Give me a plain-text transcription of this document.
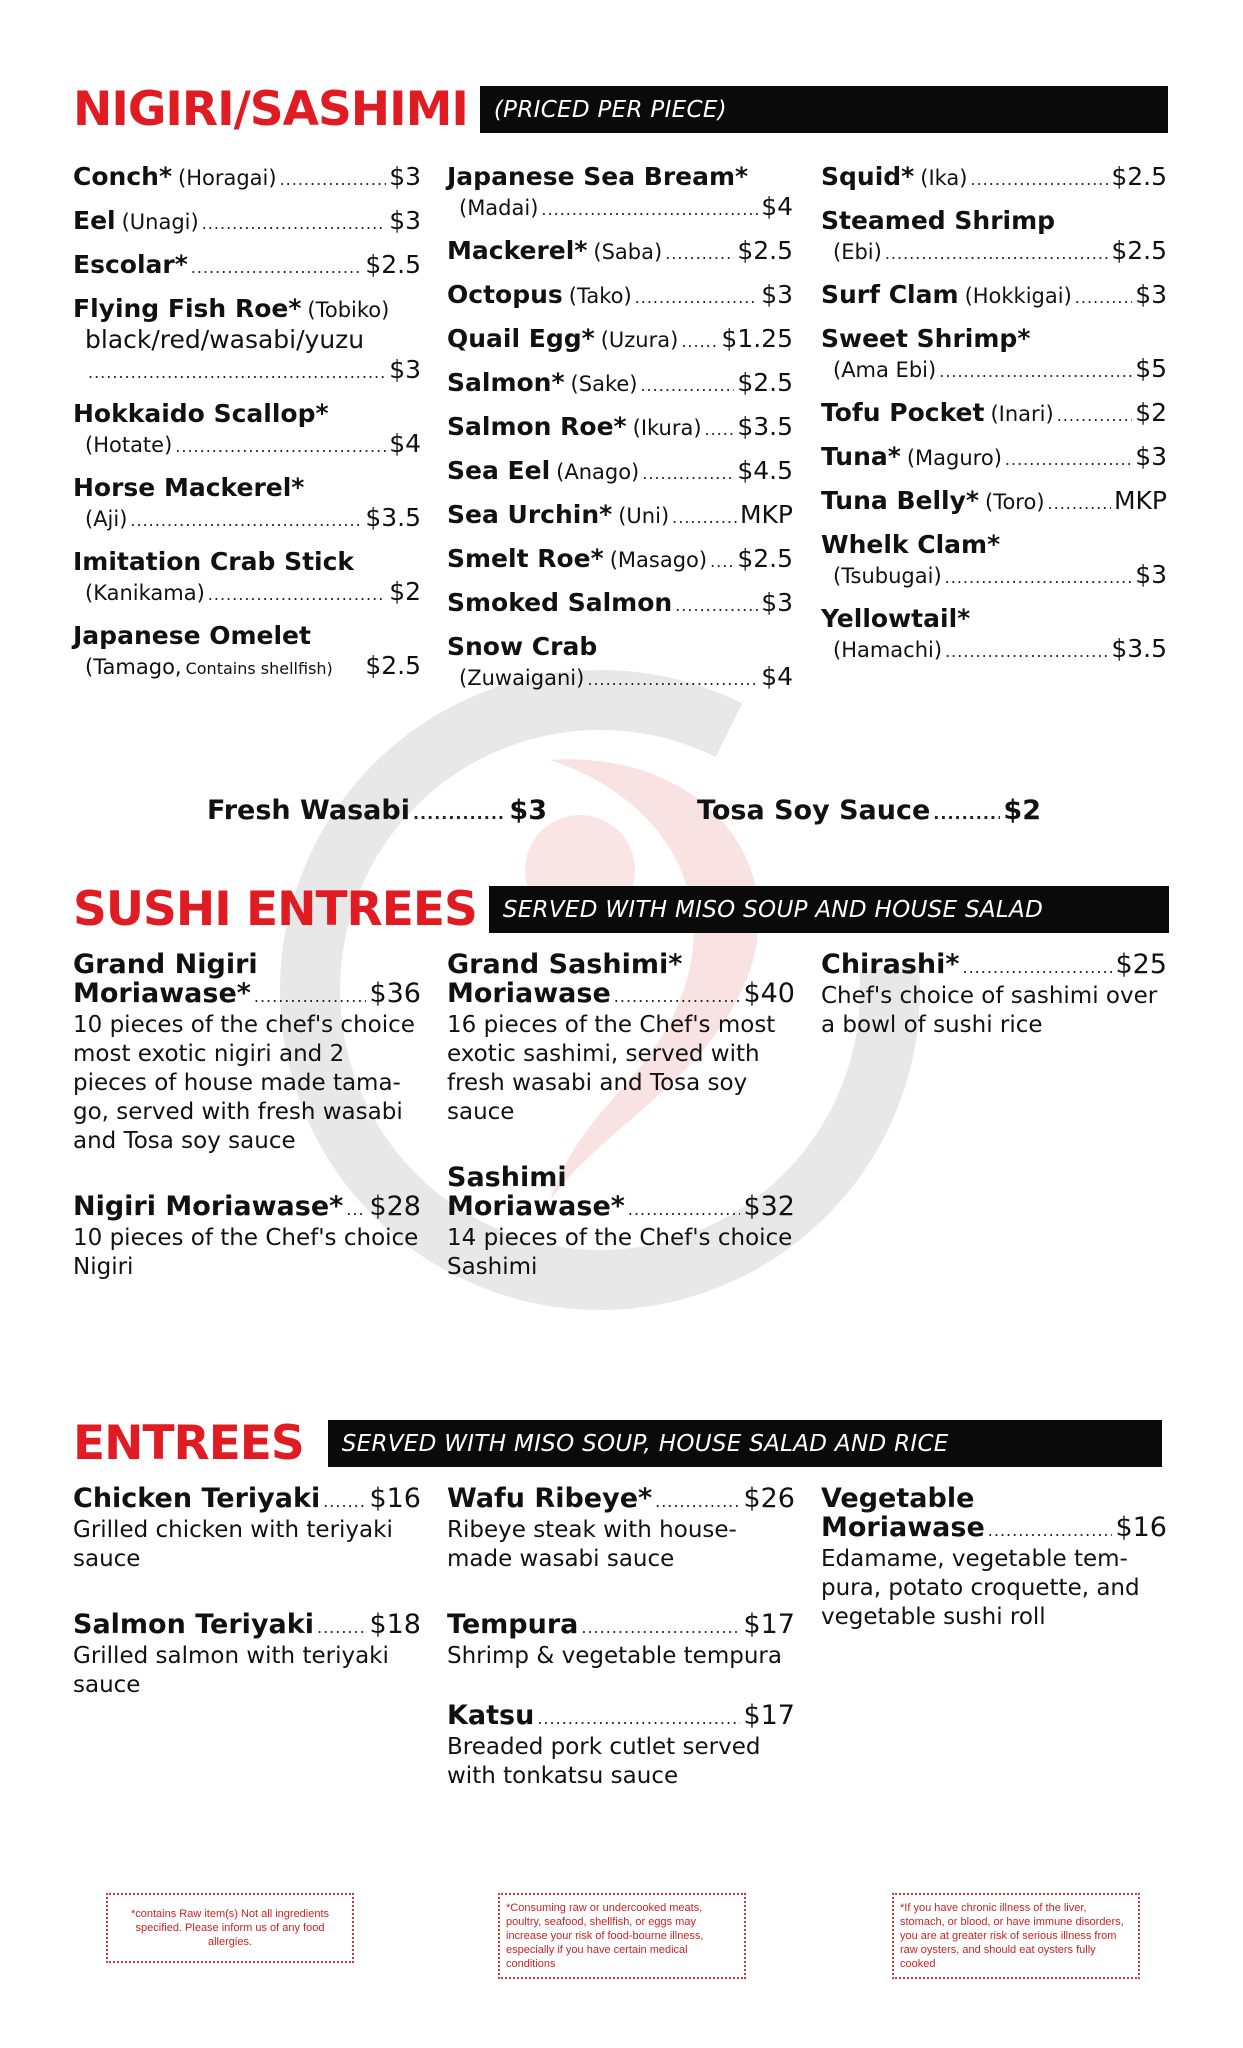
NIGIRI/SASHIMI	(PRICED PER PIECE)
Conch* (Horagai) .....	$3
Eel (Unagi) .....	$3
Escolar* .....	$2.5
Flying Fish Roe* (Tobiko)
black/red/wasabi/yuzu
.....
$3
Hokkaido Scallop*
(Hotate) .....	$4
Horse Mackerel*
(Aji) .....	$3.5
Imitation Crab Stick
(Kanikama) .....	$2
Japanese Omelet
(Tamago, Contains shellfish) $2.5
Japanese Sea Bream*
(Madai) .....	$4
Mackerel* (Saba) .....	$2.5
Octopus (Tako) .....	$3
Quail Egg* (Uzura) ..... $1.25
Salmon* (Sake) .....	$2.5
Salmon Roe* (Ikura) ..... $3.5
Sea Eel (Anago) .....	$4.5
Sea Urchin* (Uni) .....	MKP
Smelt Roe* (Masago) ..... $2.5
Smoked Salmon .....	$3
Snow Crab
(Zuwaigani) .....	$4
Squid* (Ika) .....	$2.5
Steamed Shrimp
(Ebi) .....	$2.5
Surf Clam (Hokkigai) .....	$3
Sweet Shrimp*
(Ama Ebi) .....	$5
Tofu Pocket (Inari) .....	$2
Tuna* (Maguro) .....	$3
Tuna Belly* (Toro) .....	MKP
Whelk Clam*
(Tsubugai) .....	$3
Yellowtail*
(Hamachi) .....	$3.5
Fresh Wasabi .....	$3	Tosa Soy Sauce .....	$2
SUSHI ENTREES	SERVED WITH MISO SOUP AND HOUSE SALAD
Grand Nigiri
Moriawase* .....	$36
10 pieces of the chef's choice most exotic nigiri and 2 pieces of house made tama-go, served with fresh wasabi and Tosa soy sauce
Nigiri Moriawase* ..... $28
10 pieces of the Chef's choice Nigiri
Grand Sashimi*
Moriawase .....	$40
16 pieces of the Chef's most exotic sashimi, served with fresh wasabi and Tosa soy sauce
Sashimi
Moriawase* .....	$32
14 pieces of the Chef's choice Sashimi
Chirashi* .....	$25
Chef's choice of sashimi over a bowl of sushi rice
ENTREES	SERVED WITH MISO SOUP, HOUSE SALAD AND RICE
Chicken Teriyaki ..... $16
Grilled chicken with teriyaki sauce
Salmon Teriyaki ..... $18
Grilled salmon with teriyaki sauce
Wafu Ribeye* .....	$26
Ribeye steak with house-made wasabi sauce
Tempura .....	$17
Shrimp & vegetable tempura
Katsu .....	$17
Breaded pork cutlet served with tonkatsu sauce
Vegetable
Moriawase .....	$16
Edamame, vegetable tem-pura, potato croquette, and vegetable sushi roll
*contains Raw item(s) Not all ingredients specified. Please inform us of any food allergies.
*Consuming raw or undercooked meats, poultry, seafood, shellfish, or eggs may increase your risk of food-bourne illness, especially if you have certain medical conditions
*If you have chronic illness of the liver, stomach, or blood, or have immune disorders, you are at greater risk of serious illness from raw oysters, and should eat oysters fully cooked
